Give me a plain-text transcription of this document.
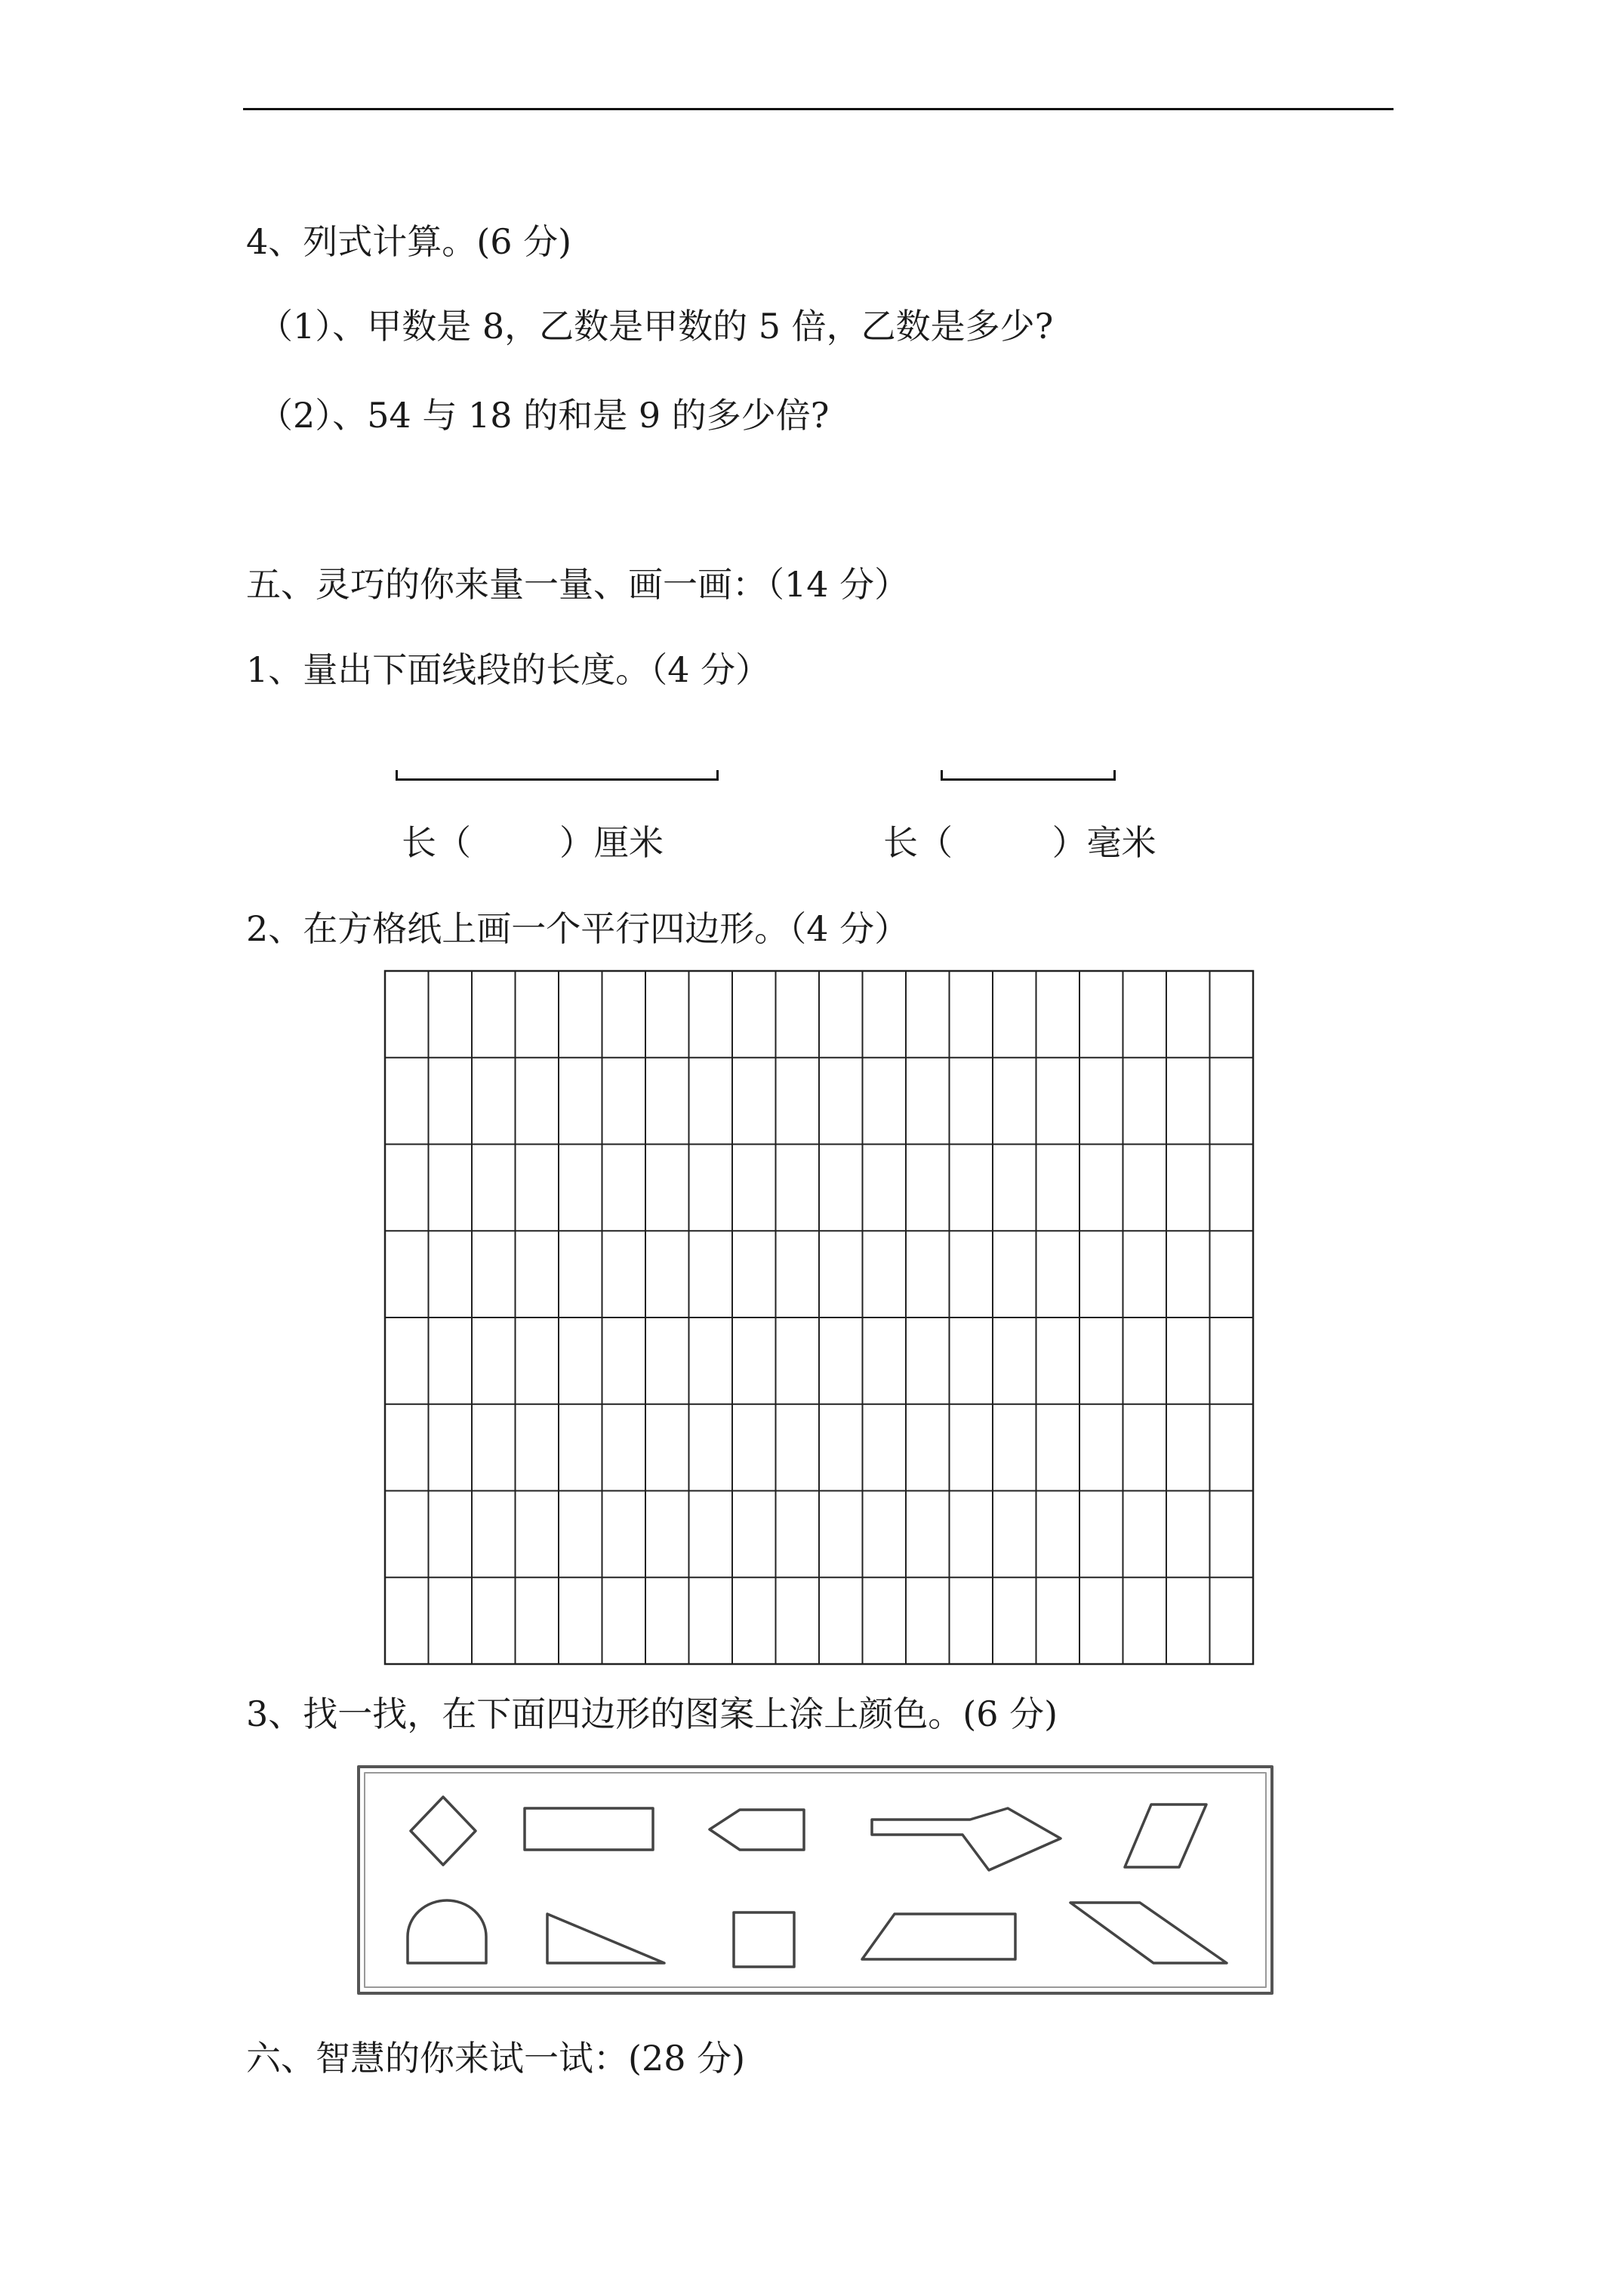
4、列式计算。(6 分)
（1）、甲数是 8，乙数是甲数的 5 倍，乙数是多少?
（2）、54 与 18 的和是 9 的多少倍?
五、灵巧的你来量一量、画一画：（14 分）
1、量出下面线段的长度。（4 分）
长（        ）厘米	长（         ）毫米
2、在方格纸上画一个平行四边形。（4 分）
3、找一找，在下面四边形的图案上涂上颜色。(6 分)
六、智慧的你来试一试：(28 分)
